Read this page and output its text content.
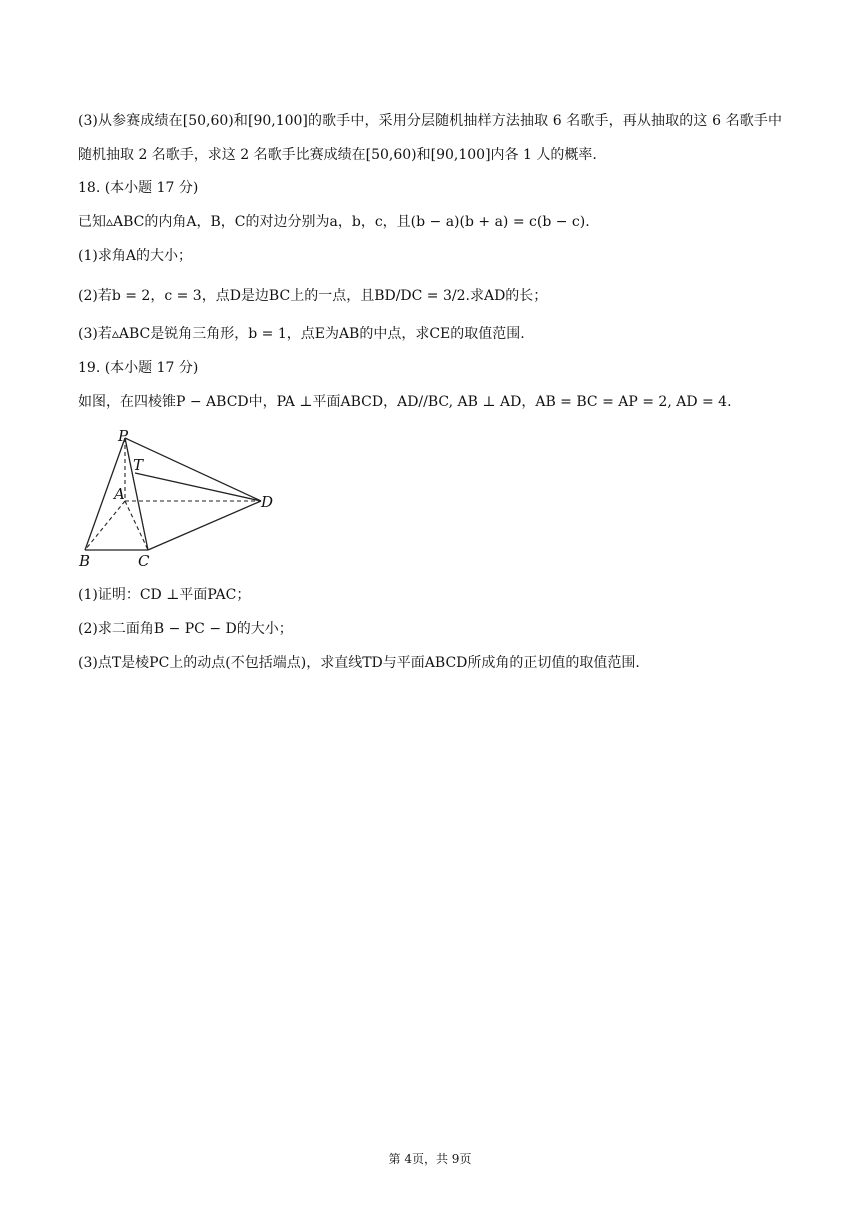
(3)从参赛成绩在[50,60)和[90,100]的歌手中，采用分层随机抽样方法抽取 6 名歌手，再从抽取的这 6 名歌手中随机抽取 2 名歌手，求这 2 名歌手比赛成绩在[50,60)和[90,100]内各 1 人的概率.
18. (本小题 17 分)
已知▵ABC的内角A，B，C的对边分别为a，b，c，且(b − a)(b + a) = c(b − c).
(1)求角A的大小；
(2)若b = 2，c = 3，点D是边BC上的一点，且BD/DC = 3/2.求AD的长；
(3)若▵ABC是锐角三角形，b = 1，点E为AB的中点，求CE的取值范围.
19. (本小题 17 分)
如图，在四棱锥P − ABCD中，PA ⊥平面ABCD，AD//BC, AB ⊥ AD，AB = BC = AP = 2, AD = 4.
P
T
A	D
B	C
(1)证明：CD ⊥平面PAC；
(2)求二面角B − PC − D的大小；
(3)点T是棱PC上的动点(不包括端点)，求直线TD与平面ABCD所成角的正切值的取值范围.
第 4页，共 9页
